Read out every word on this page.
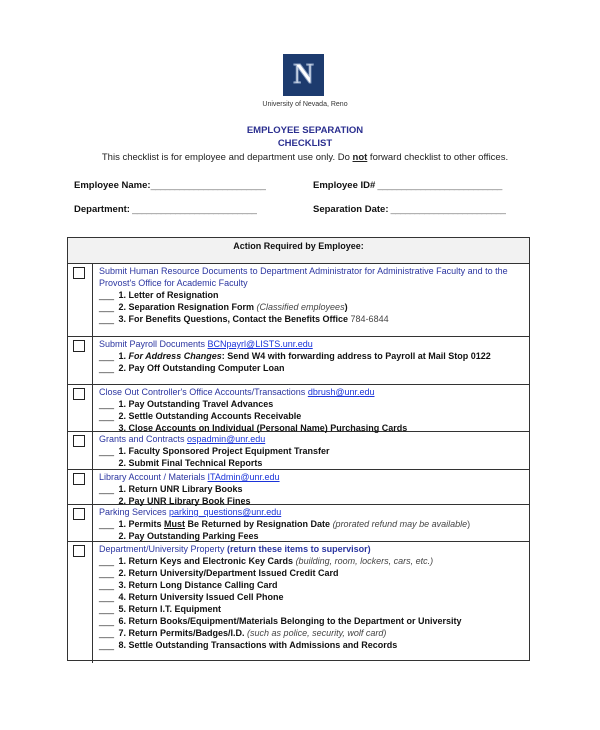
N
University of Nevada, Reno
EMPLOYEE SEPARATION
CHECKLIST
This checklist is for employee and department use only. Do not forward checklist to other offices.
Employee Name:________________________	Employee ID# __________________________
Department: __________________________	Separation Date: ________________________
Action Required by Employee:
Submit Human Resource Documents to Department Administrator for Administrative Faculty and to the Provost's Office for Academic Faculty
___ 1. Letter of Resignation
___ 2. Separation Resignation Form (Classified employees)
___ 3. For Benefits Questions, Contact the Benefits Office 784-6844
Submit Payroll Documents BCNpayrl@LISTS.unr.edu
___ 1. For Address Changes: Send W4 with forwarding address to Payroll at Mail Stop 0122
___ 2. Pay Off Outstanding Computer Loan
Close Out Controller's Office Accounts/Transactions dbrush@unr.edu
___ 1. Pay Outstanding Travel Advances
___ 2. Settle Outstanding Accounts Receivable
3. Close Accounts on Individual (Personal Name) Purchasing Cards
Grants and Contracts ospadmin@unr.edu
___ 1. Faculty Sponsored Project Equipment Transfer
2. Submit Final Technical Reports
Library Account / Materials ITAdmin@unr.edu
___ 1. Return UNR Library Books
2. Pay UNR Library Book Fines
Parking Services parking_questions@unr.edu
___ 1. Permits Must Be Returned by Resignation Date (prorated refund may be available)
2. Pay Outstanding Parking Fees
Department/University Property (return these items to supervisor)
___ 1. Return Keys and Electronic Key Cards (building, room, lockers, cars, etc.)
___ 2. Return University/Department Issued Credit Card
___ 3. Return Long Distance Calling Card
___ 4. Return University Issued Cell Phone
___ 5. Return I.T. Equipment
___ 6. Return Books/Equipment/Materials Belonging to the Department or University
___ 7. Return Permits/Badges/I.D. (such as police, security, wolf card)
___ 8. Settle Outstanding Transactions with Admissions and Records
